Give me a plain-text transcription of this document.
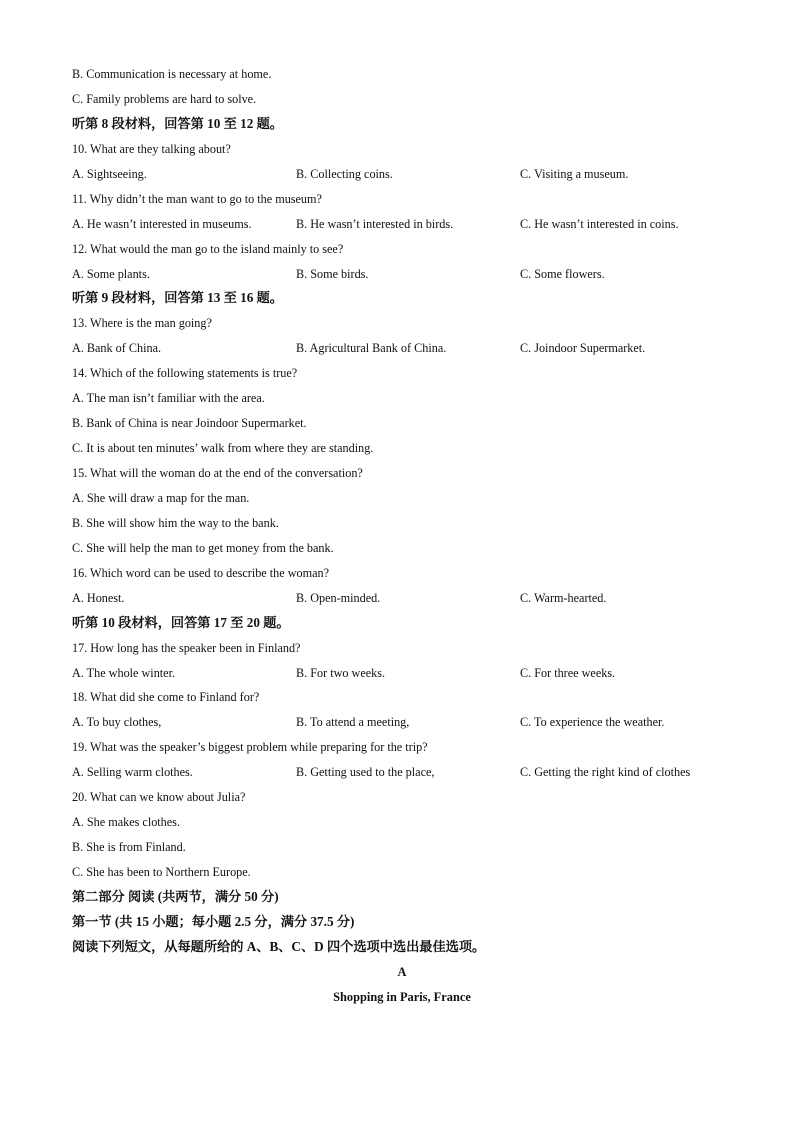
B. Communication is necessary at home.
C. Family problems are hard to solve.
听第 8 段材料，回答第 10 至 12 题。
10. What are they talking about?
A. Sightseeing.	B. Collecting coins.	C. Visiting a museum.
11. Why didn’t the man want to go to the museum?
A. He wasn’t interested in museums.	B. He wasn’t interested in birds.	C. He wasn’t interested in coins.
12. What would the man go to the island mainly to see?
A. Some plants.	B. Some birds.	C. Some flowers.
听第 9 段材料，回答第 13 至 16 题。
13. Where is the man going?
A. Bank of China.	B. Agricultural Bank of China.	C. Joindoor Supermarket.
14. Which of the following statements is true?
A. The man isn’t familiar with the area.
B. Bank of China is near Joindoor Supermarket.
C. It is about ten minutes’ walk from where they are standing.
15. What will the woman do at the end of the conversation?
A. She will draw a map for the man.
B. She will show him the way to the bank.
C. She will help the man to get money from the bank.
16. Which word can be used to describe the woman?
A. Honest.	B. Open-minded.	C. Warm-hearted.
听第 10 段材料，回答第 17 至 20 题。
17. How long has the speaker been in Finland?
A. The whole winter.	B. For two weeks.	C. For three weeks.
18. What did she come to Finland for?
A. To buy clothes,	B. To attend a meeting,	C. To experience the weather.
19. What was the speaker’s biggest problem while preparing for the trip?
A. Selling warm clothes.	B. Getting used to the place,	C. Getting the right kind of clothes
20. What can we know about Julia?
A. She makes clothes.
B. She is from Finland.
C. She has been to Northern Europe.
第二部分 阅读 (共两节，满分 50 分)
第一节 (共 15 小题；每小题 2.5 分，满分 37.5 分)
阅读下列短文，从每题所给的 A、B、C、D 四个选项中选出最佳选项。
A
Shopping in Paris, France
